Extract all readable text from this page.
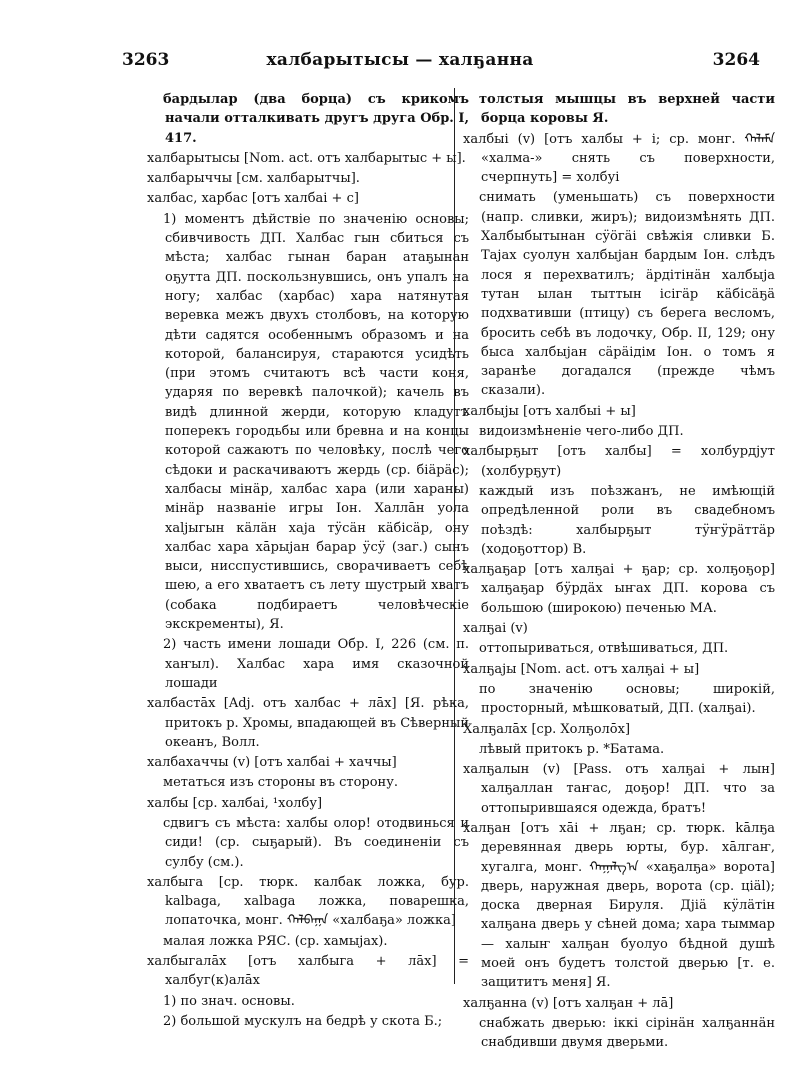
3263	халбарытысы — халҕанна	3264
бардылар (два борца) съ крикомъ начали отталкивать другъ друга Обр. І, 417.
халбарытысы [Nom. act. отъ халбарытыс + ы].
халбарыччы [см. халбарытчы].
халбас, харбас [отъ халбаі + с]
1) моментъ дѣйствіе по значенію основы; сбивчивость ДП. Халбас гын сбиться съ мѣста; халбас гынан баран атаҕынан оҕутта ДП. поскользнувшись, онъ упалъ на ногу; халбас (харбас) хара натянутая веревка межъ двухъ столбовъ, на которую дѣти садятся особеннымъ образомъ и на которой, балансируя, стараются усидѣть (при этомъ считаютъ всѣ части коня, ударяя по веревкѣ палочкой); качель въ видѣ длинной жерди, которую кладутъ поперекъ городьбы или бревна и на концы которой сажаютъ по человѣку, послѣ чего сѣдоки и раскачиваютъ жердь (ср. біäрäс); халбасы мінäр, халбас хара (или хараны) мінäр названіе игры Іон. Халлāн уола хаljыгын кäлäн хаjа тӱсäн кäбісäр, ону халбас хара хāрыjан барар ӱсӱ (заг.) сынъ выси, нисспустившись, сворачиваетъ себѣ шею, а его хватаетъ съ лету шустрый хватъ (собака подбираетъ человѣческіе экскременты), Я.
2) часть имени лошади Обр. І, 226 (см. п. хаҥыл). Халбас хара имя сказочной лошади
халбастāх [Adj. отъ халбас + лāх] [Я. рѣка, притокъ р. Хромы, впадающей въ Сѣверный океанъ, Волл.
халбахаччы (v) [отъ халбаі + хаччы]
метаться изъ стороны въ сторону.
халбы [ср. халбаі, ¹холбу]
сдвигъ съ мѣста: халбы олор! отодвинься и сиди! (ср. сыҕарый). Въ соединеніи съ сулбу (см.).
халбыга [ср. тюрк. калбак ложка, бур. kalbaga, xalbaga ложка, поварешка, лопаточка, монг. ᠬᠠᠯᠪᠠᠭᠠ «халбаҕа» ложка]
малая ложка РЯС. (ср. хамыjах).
халбыгалāх [отъ халбыга + лāх] = халбуг(к)алāх
1) по знач. основы.
2) большой мускулъ на бедрѣ у скота Б.;
толстыя мышцы въ верхней части борца коровы Я.
халбыі (v) [отъ халбы + і; ср. монг. ᠬᠠᠯᠠᠮᠠ «халма-» снять съ поверхности, счерпнуть] = холбуі
снимать (уменьшать) съ поверхности (напр. сливки, жиръ); видоизмѣнять ДП. Халбыбытынан сӱöгäі свѣжія сливки Б. Таjах суолун халбыjан бардым Іон. слѣдъ лося я перехватилъ; äрдітінäн халбыjа тутан ылан тыттын ісігäр кäбісäҕä подхвативши (птицу) съ берега весломъ, бросить себѣ въ лодочку, Обр. II, 129; ону быса халбыjан сäрäідім Іон. о томъ я заранѣе догадался (прежде чѣмъ сказали).
халбыjы [отъ халбыі + ы]
видоизмѣненіе чего-либо ДП.
халбырҕыт [отъ халбы] = холбурдjут (холбурҕут)
каждый изъ поѣзжанъ, не имѣющій опредѣленной роли въ свадебномъ поѣздѣ: халбырҕыт тӱҥӱрäттäр (ходоҕоттор) В.
халҕаҕар [отъ халҕаі + ҕар; ср. холҕоҕор] халҕаҕар бӱрдäх ыҥах ДП. корова съ большою (широкою) печенью МА.
халҕаі (v)
оттопыриваться, отвѣшиваться, ДП.
халҕаjы [Nom. act. отъ халҕаі + ы]
по значенію основы; широкій, просторный, мѣшковатый, ДП. (халҕаі).
Халҕалāх [ср. Холҕолōх]
лѣвый притокъ р. *Батама.
халҕалын (v) [Pass. отъ халҕаі + лын] халҕаллан таҥас, доҕор! ДП. что за оттопырившаяся одежда, братъ!
халҕан [отъ хāі + лҕан; ср. тюрк. kāлҕа деревянная дверь юрты, бур. хāлгаҥ, хугалга, монг. ᠬᠠᠭᠠᠯᠭ᠎ᠠ «хаҕалҕа» ворота] дверь, наружная дверь, ворота (ср. ціäl); доска дверная Бируля. Дjіä кӱлäтін халҕана дверь у сѣней дома; хара тыммар — халыҥ халҕан буолуо бѣдной душѣ моей онъ будетъ толстой дверью [т. е. защититъ меня] Я.
халҕанна (v) [отъ халҕан + лā]
снабжать дверью: іккі сірінäн халҕаннäн снабдивши двумя дверьми.
